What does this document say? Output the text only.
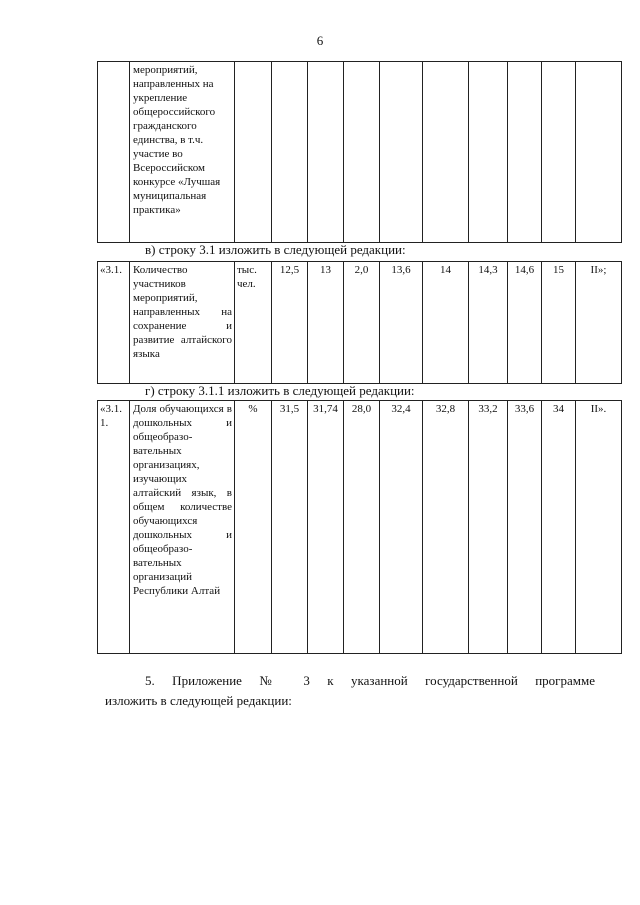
6
	мероприятий, направленных на укрепление общероссийского гражданского единства, в т.ч. участие во Всероссийском конкурсе «Лучшая муниципальная практика»										
в) строку 3.1 изложить в следующей редакции:
«3.1.	Количество участников мероприятий, направленных на сохранение и развитие алтайского языка	тыс. чел.	12,5	13	2,0	13,6	14	14,3	14,6	15	II»;
г) строку 3.1.1 изложить в следующей редакции:
«3.1. 1.	Доля обучающихся в дошкольных и общеобразо-вательных организациях, изучающих алтайский язык, в общем количестве обучающихся дошкольных и общеобразо-вательных организаций Республики Алтай	%	31,5	31,74	28,0	32,4	32,8	33,2	33,6	34	II».
5. Приложение № 3 к указанной государственной программе
изложить в следующей редакции:
